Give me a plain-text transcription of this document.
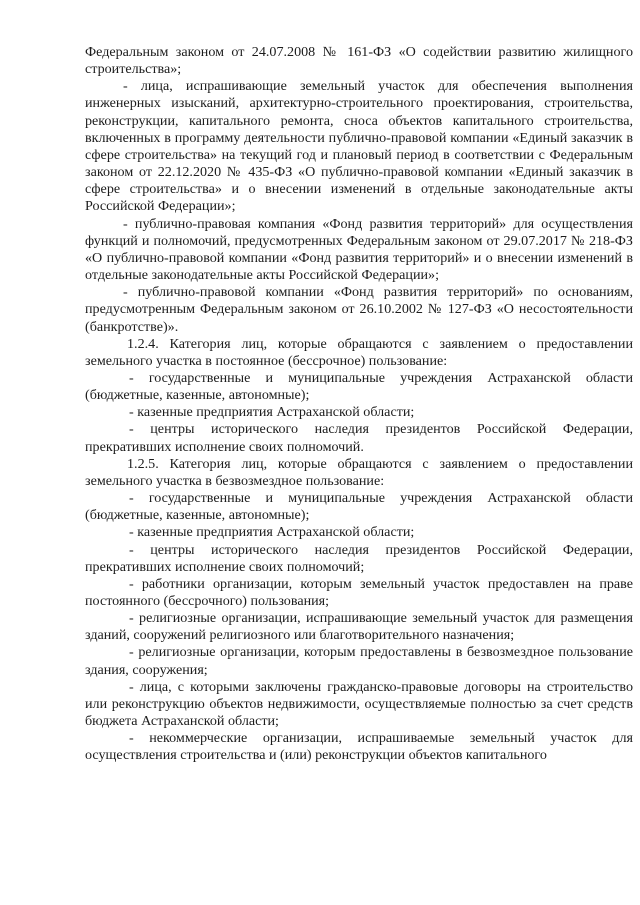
Федеральным законом от 24.07.2008 № 161-ФЗ «О содействии развитию жилищного строительства»;

- лица, испрашивающие земельный участок для обеспечения выполнения инженерных изысканий, архитектурно-строительного проектирования, строительства, реконструкции, капитального ремонта, сноса объектов капитального строительства, включенных в программу деятельности публично-правовой компании «Единый заказчик в сфере строительства» на текущий год и плановый период в соответствии с Федеральным законом от 22.12.2020 № 435-ФЗ «О публично-правовой компании «Единый заказчик в сфере строительства» и о внесении изменений в отдельные законодательные акты Российской Федерации»;

- публично-правовая компания «Фонд развития территорий» для осуществления функций и полномочий, предусмотренных Федеральным законом от 29.07.2017 № 218-ФЗ «О публично-правовой компании «Фонд развития территорий» и о внесении изменений в отдельные законодательные акты Российской Федерации»;

- публично-правовой компании «Фонд развития территорий» по основаниям, предусмотренным Федеральным законом от 26.10.2002 № 127-ФЗ «О несостоятельности (банкротстве)».

1.2.4. Категория лиц, которые обращаются с заявлением о предоставлении земельного участка в постоянное (бессрочное) пользование:

- государственные и муниципальные учреждения Астраханской области (бюджетные, казенные, автономные);

- казенные предприятия Астраханской области;

- центры исторического наследия президентов Российской Федерации, прекративших исполнение своих полномочий.

1.2.5. Категория лиц, которые обращаются с заявлением о предоставлении земельного участка в безвозмездное пользование:

- государственные и муниципальные учреждения Астраханской области (бюджетные, казенные, автономные);

- казенные предприятия Астраханской области;

- центры исторического наследия президентов Российской Федерации, прекративших исполнение своих полномочий;

- работники организации, которым земельный участок предоставлен на праве постоянного (бессрочного) пользования;

- религиозные организации, испрашивающие земельный участок для размещения зданий, сооружений религиозного или благотворительного назначения;

- религиозные организации, которым предоставлены в безвозмездное пользование здания, сооружения;

- лица, с которыми заключены гражданско-правовые договоры на строительство или реконструкцию объектов недвижимости, осуществляемые полностью за счет средств бюджета Астраханской области;

- некоммерческие организации, испрашиваемые земельный участок для осуществления строительства и (или) реконструкции объектов капитального
